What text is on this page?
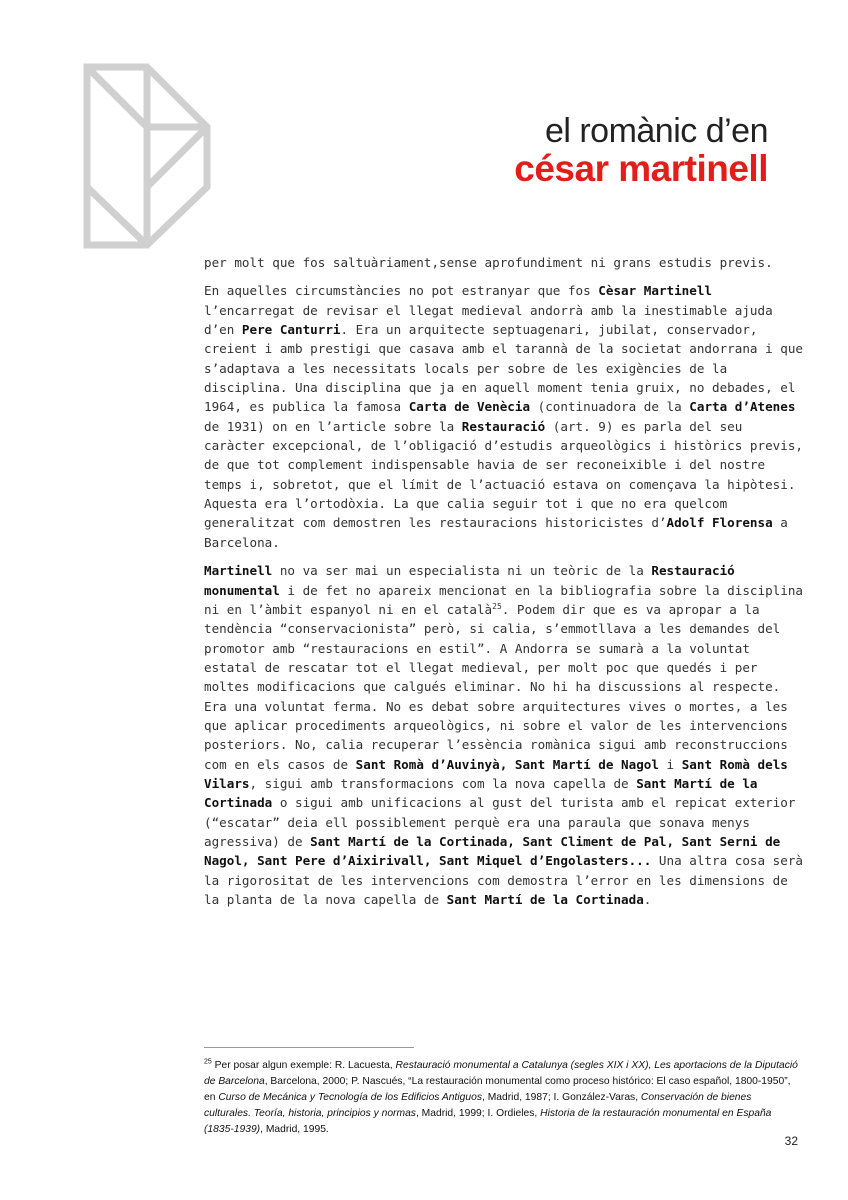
el romànic d’en
césar martinell

per molt que fos saltuàriament,sense aprofundiment ni grans estudis previs.

En aquelles circumstàncies no pot estranyar que fos Cèsar Martinell l’encarregat de revisar el llegat medieval andorrà amb la inestimable ajuda d’en Pere Canturri. Era un arquitecte septuagenari, jubilat, conservador, creient i amb prestigi que casava amb el tarannà de la societat andorrana i que s’adaptava a les necessitats locals per sobre de les exigències de la disciplina. Una disciplina que ja en aquell moment tenia gruix, no debades, el 1964, es publica la famosa Carta de Venècia (continuadora de la Carta d’Atenes de 1931) on en l’article sobre la Restauració (art. 9) es parla del seu caràcter excepcional, de l’obligació d’estudis arqueològics i històrics previs, de que tot complement indispensable havia de ser reconeixible i del nostre temps i, sobretot, que el límit de l’actuació estava on començava la hipòtesi. Aquesta era l’ortodòxia. La que calia seguir tot i que no era quelcom generalitzat com demostren les restauracions historicistes d’Adolf Florensa a Barcelona.

Martinell no va ser mai un especialista ni un teòric de la Restauració monumental i de fet no apareix mencionat en la bibliografia sobre la disciplina ni en l’àmbit espanyol ni en el català$^{25}$. Podem dir que es va apropar a la tendència “conservacionista” però, si calia, s’emmotllava a les demandes del promotor amb “restauracions en estil”. A Andorra se sumarà a la voluntat estatal de rescatar tot el llegat medieval, per molt poc que quedés i per moltes modificacions que calgués eliminar. No hi ha discussions al respecte. Era una voluntat ferma. No es debat sobre arquitectures vives o mortes, a les que aplicar procediments arqueològics, ni sobre el valor de les intervencions posteriors. No, calia recuperar l’essència romànica sigui amb reconstruccions com en els casos de Sant Romà d’Auvinyà, Sant Martí de Nagol i Sant Romà dels Vilars, sigui amb transformacions com la nova capella de Sant Martí de la Cortinada o sigui amb unificacions al gust del turista amb el repicat exterior (“escatar” deia ell possiblement perquè era una paraula que sonava menys agressiva) de Sant Martí de la Cortinada, Sant Climent de Pal, Sant Serni de Nagol, Sant Pere d’Aixirivall, Sant Miquel d’Engolasters... Una altra cosa serà la rigorositat de les intervencions com demostra l’error en les dimensions de la planta de la nova capella de Sant Martí de la Cortinada.

$^{25}$ Per posar algun exemple: R. Lacuesta, Restauració monumental a Catalunya (segles XIX i XX), Les aportacions de la Diputació de Barcelona, Barcelona, 2000; P. Nascués, “La restauración monumental como proceso histórico: El caso español, 1800-1950”, en Curso de Mecánica y Tecnología de los Edificios Antiguos, Madrid, 1987; I. González-Varas, Conservación de bienes culturales. Teoría, historia, principios y normas, Madrid, 1999; I. Ordieles, Historia de la restauración monumental en España (1835-1939), Madrid, 1995.

32
